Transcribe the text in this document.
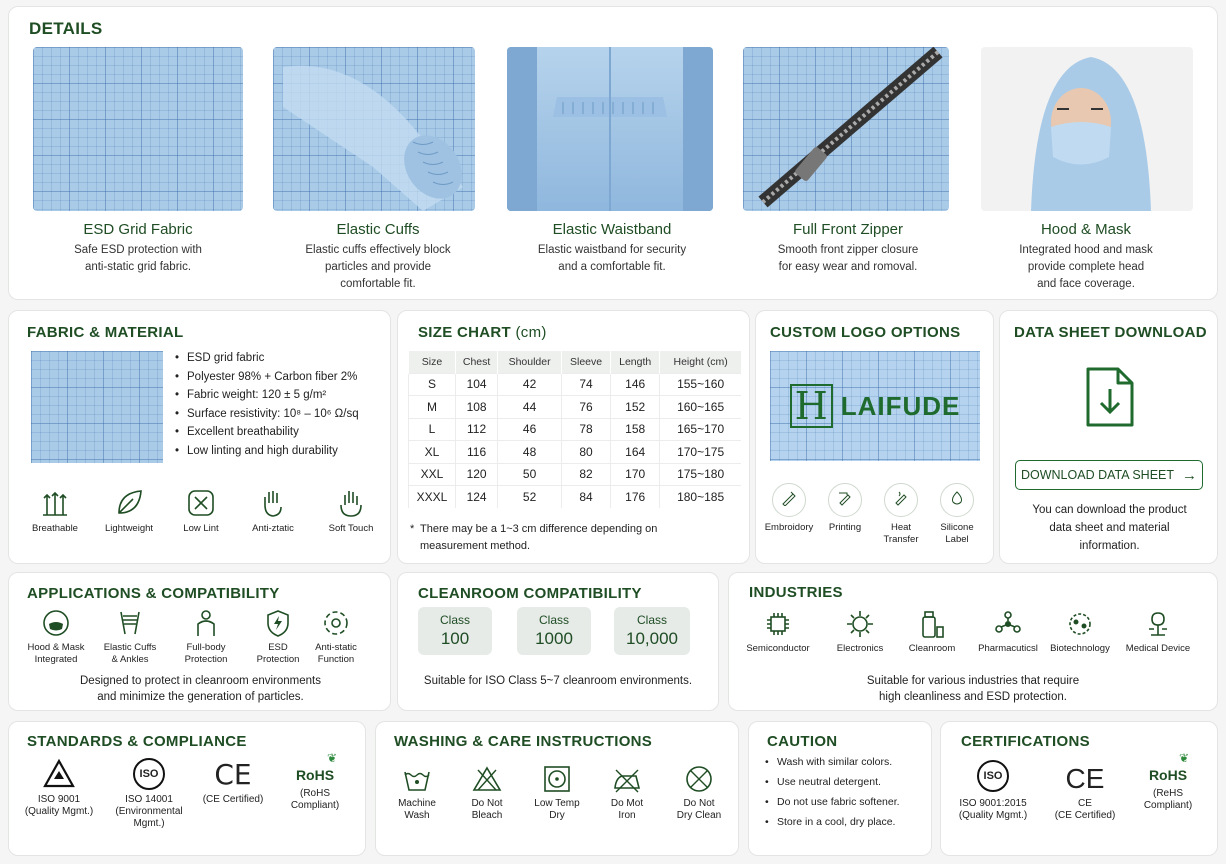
DETAILS
ESD Grid Fabric
Safe ESD protection with
anti-static grid fabric.
Elastic Cuffs
Elastic cuffs effectively block
particles and provide
comfortable fit.
Elastic Waistband
Elastic waistband for security
and a comfortable fit.
Full Front Zipper
Smooth front zipper closure
for easy wear and romoval.
Hood & Mask
Integrated hood and mask
provide complete head
and face coverage.
FABRIC & MATERIAL
• ESD grid fabric
• Polyester 98% + Carbon fiber 2%
• Fabric weight: 120 ± 5 g/m²
• Surface resistivity: 10⁸ – 10⁶ Ω/sq
• Excellent breathability
• Low linting and high durability
Breathable	Lightweight	Low Lint	Anti-ztatic	Soft Touch
SIZE CHART (cm)
Size	Chest	Shoulder	Sleeve	Length	Height (cm)
S	104	42	74	146	155~160
M	108	44	76	152	160~165
L	112	46	78	158	165~170
XL	116	48	80	164	170~175
XXL	120	50	82	170	175~180
XXXL	124	52	84	176	180~185
* There may be a 1~3 cm difference depending on
measurement method.
CUSTOM LOGO OPTIONS
H LAIFUDE
Embroidory	Printing	Heat
Transfer
Silicone
Label
DATA SHEET DOWNLOAD
DOWNLOAD DATA SHEET →
You can download the product
data sheet and material
information.
APPLICATIONS & COMPATIBILITY
Hood & Mask
Integrated
Elastic Cuffs
& Ankles
Full-body
Protection
ESD
Protection
Anti-static
Function
Designed to protect in cleanroom environments
and minimize the generation of particles.
CLEANROOM COMPATIBILITY
Class
100
Class
1000
Class
10,000
Suitable for ISO Class 5~7 cleanroom environments.
INDUSTRIES
Semiconductor	Electronics	Cleanroom	Pharmacuticsl	Biotechnology	Medical Device
Suitable for various industries that require
high cleanliness and ESD protection.
STANDARDS & COMPLIANCE
ISO 9001
(Quality Mgmt.)
ISO
ISO 14001
(Environmental Mgmt.)
CE
(CE Certified)
❦
RoHS
(RoHS
Compliant)
WASHING & CARE INSTRUCTIONS
Machine
Wash
Do Not
Bleach
Low Temp
Dry
Do Mot
Iron
Do Not
Dry Clean
CAUTION
• Wash with similar colors.
• Use neutral detergent.
• Do not use fabric softener.
• Store in a cool, dry place.
CERTIFICATIONS
ISO
ISO 9001:2015
(Quality Mgmt.)
CE
CE
(CE Certified)
❦
RoHS
(ReHS
Compliant)
